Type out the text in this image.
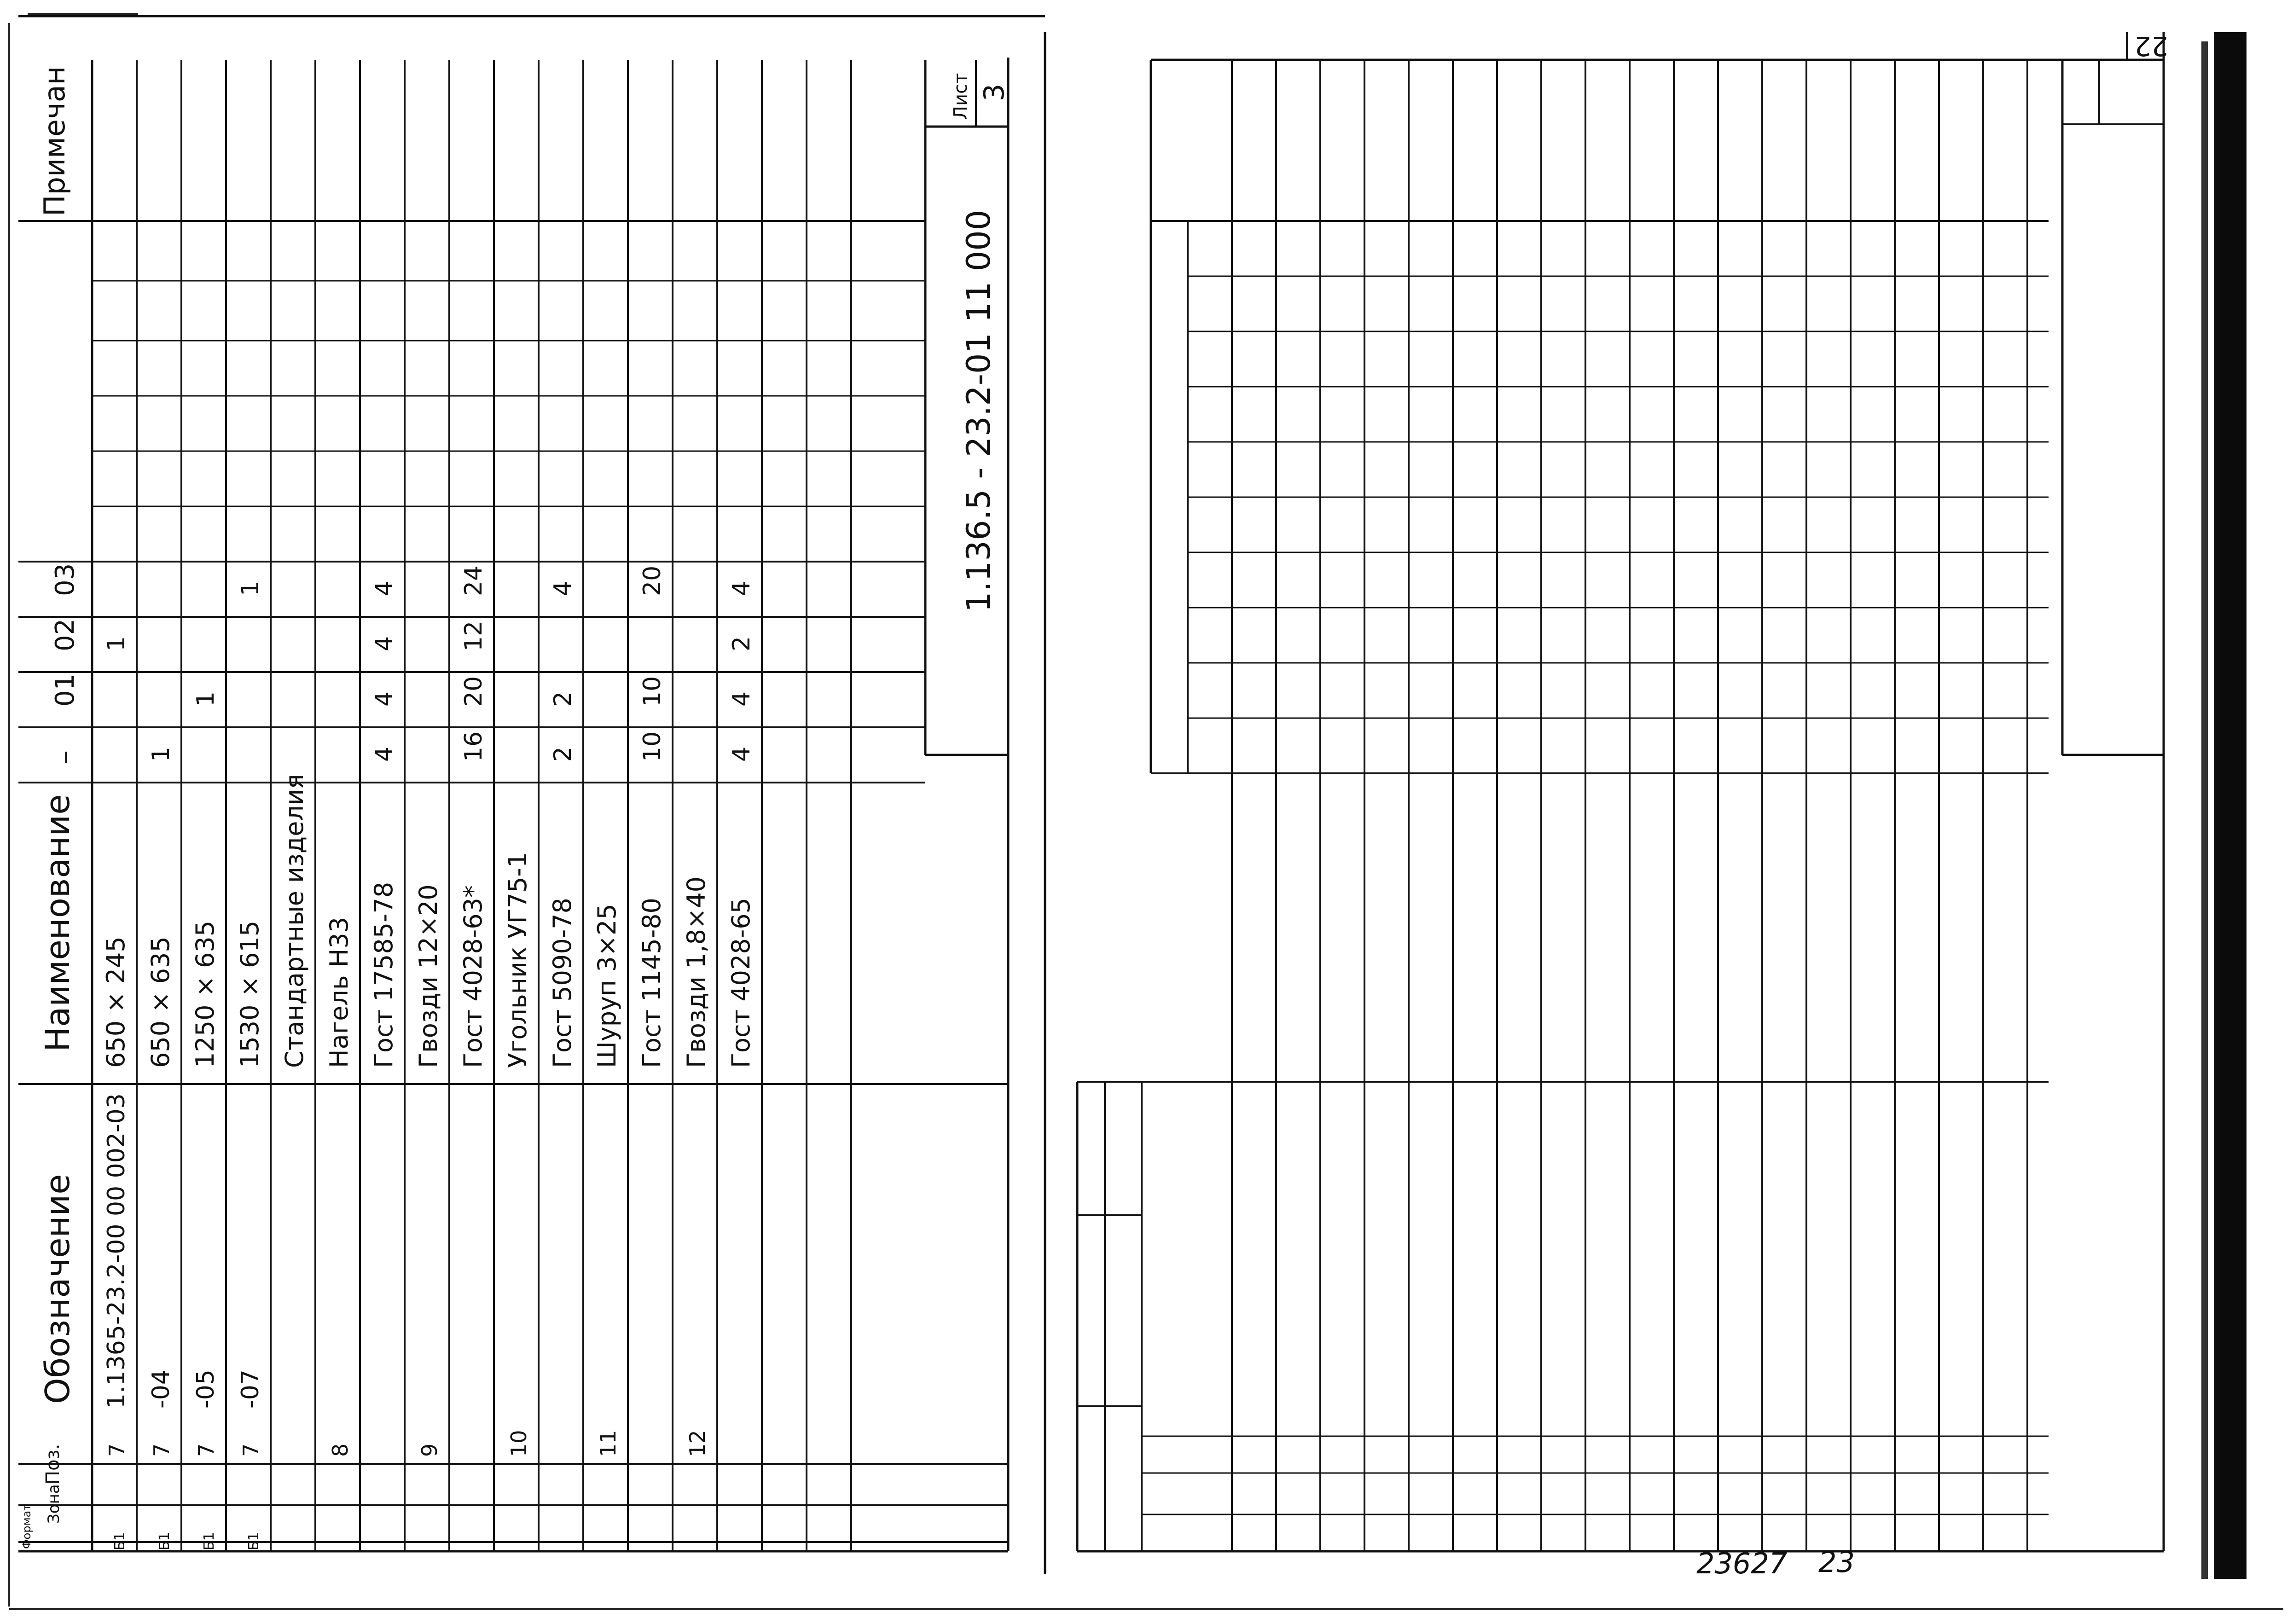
Обозначение
Наименование
Примечан
Поз.
Зона
Формат
–
01
02
03
Б1
7
1.1365-23.2-00 00 002-03
650 × 245
1
Б1
7
-04
650 × 635
1
Б1
7
-05
1250 × 635
1
Б1
7
-07
1530 × 615
1
Стандартные изделия
8
Нагель Н33 Гост 17585-78
4
4
4
4
9
Гвозди 12×20 Гост 4028-63*
16
20
12
24
10
Угольник УГ75-1 Гост 5090-78
2
2
4
11
Шуруп 3×25 Гост 1145-80
10
10
20
12
Гвозди 1,8×40 Гост 4028-65
4
4
2
4	1.136.5 - 23.2-01 11 000
Лист 3
22
23627 23
